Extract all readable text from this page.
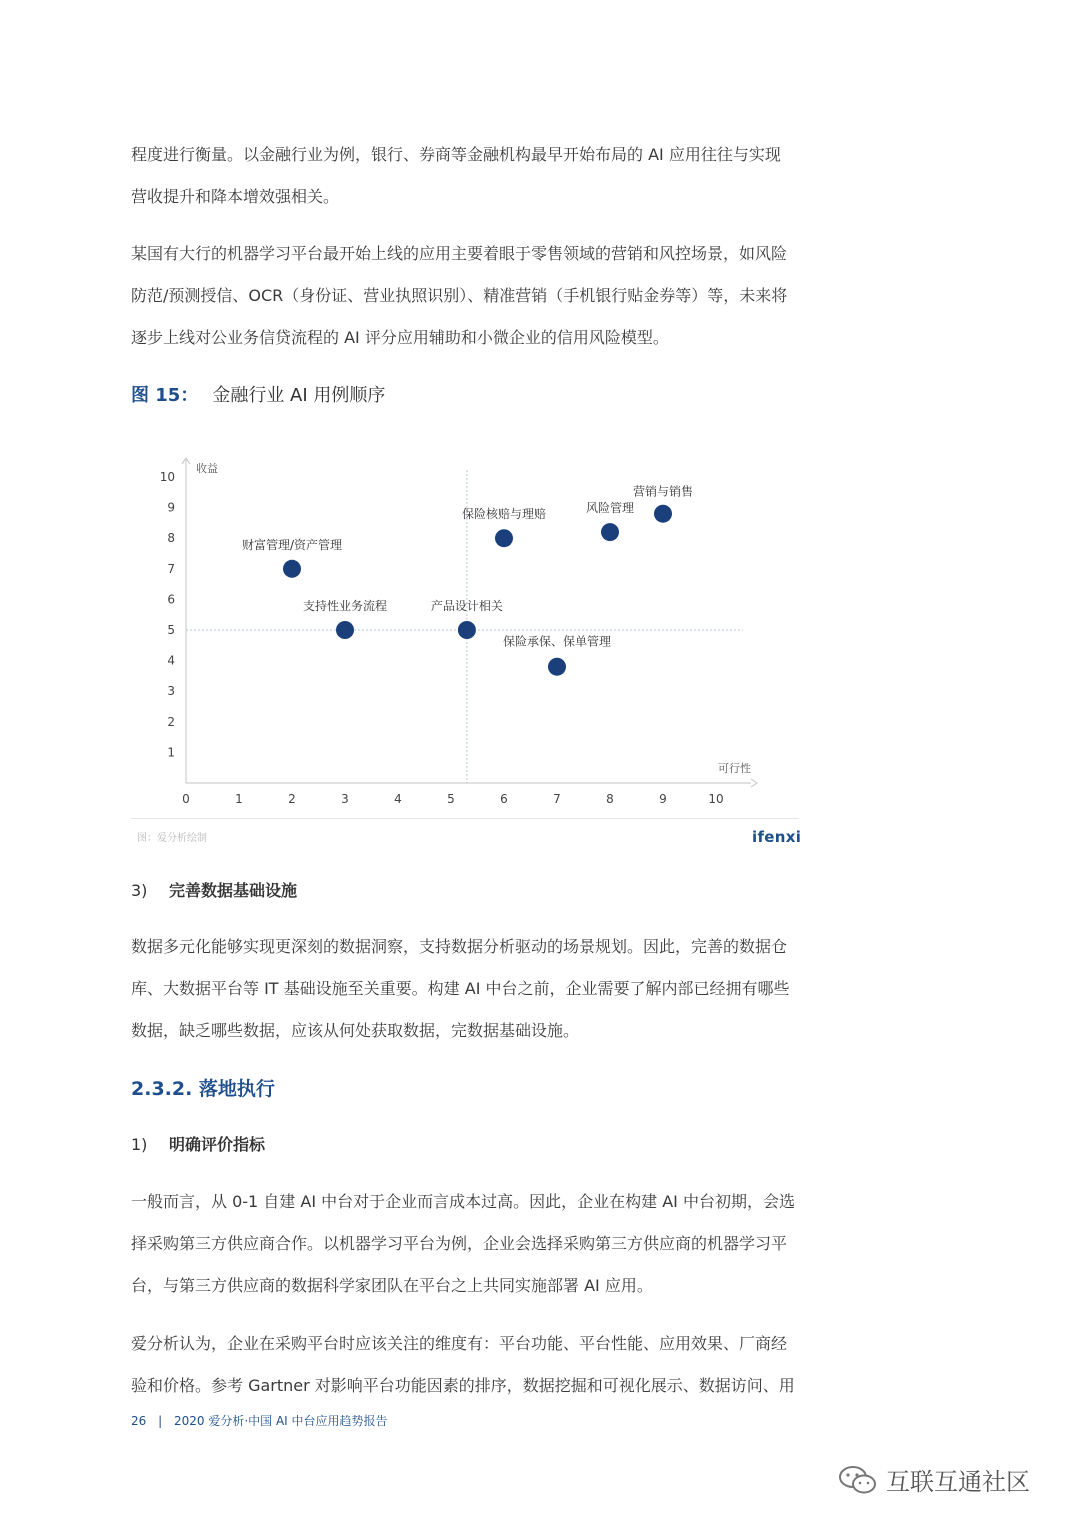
程度进行衡量。以金融行业为例，银行、券商等金融机构最早开始布局的 AI 应用往往与实现
营收提升和降本增效强相关。
某国有大行的机器学习平台最开始上线的应用主要着眼于零售领域的营销和风控场景，如风险
防范/预测授信、OCR（身份证、营业执照识别）、精准营销（手机银行贴金券等）等，未来将
逐步上线对公业务信贷流程的 AI 评分应用辅助和小微企业的信用风险模型。
图 15： 金融行业 AI 用例顺序
0	1	2	3	4	5	6	7	8	9	10
1
2
3
4
5
6
7
8
9
10
收益
可行性
财富管理/资产管理
支持性业务流程	产品设计相关
保险核赔与理赔	风险管理
营销与销售
保险承保、保单管理
图：爱分析绘制	ifenxi
3) 完善数据基础设施
数据多元化能够实现更深刻的数据洞察，支持数据分析驱动的场景规划。因此，完善的数据仓
库、大数据平台等 IT 基础设施至关重要。构建 AI 中台之前，企业需要了解内部已经拥有哪些
数据，缺乏哪些数据，应该从何处获取数据，完数据基础设施。
2.3.2. 落地执行
1) 明确评价指标
一般而言，从 0-1 自建 AI 中台对于企业而言成本过高。因此，企业在构建 AI 中台初期，会选
择采购第三方供应商合作。以机器学习平台为例，企业会选择采购第三方供应商的机器学习平
台，与第三方供应商的数据科学家团队在平台之上共同实施部署 AI 应用。
爱分析认为，企业在采购平台时应该关注的维度有：平台功能、平台性能、应用效果、厂商经
验和价格。参考 Gartner 对影响平台功能因素的排序，数据挖掘和可视化展示、数据访问、用
26 | 2020 爱分析·中国 AI 中台应用趋势报告
互联互通社区
